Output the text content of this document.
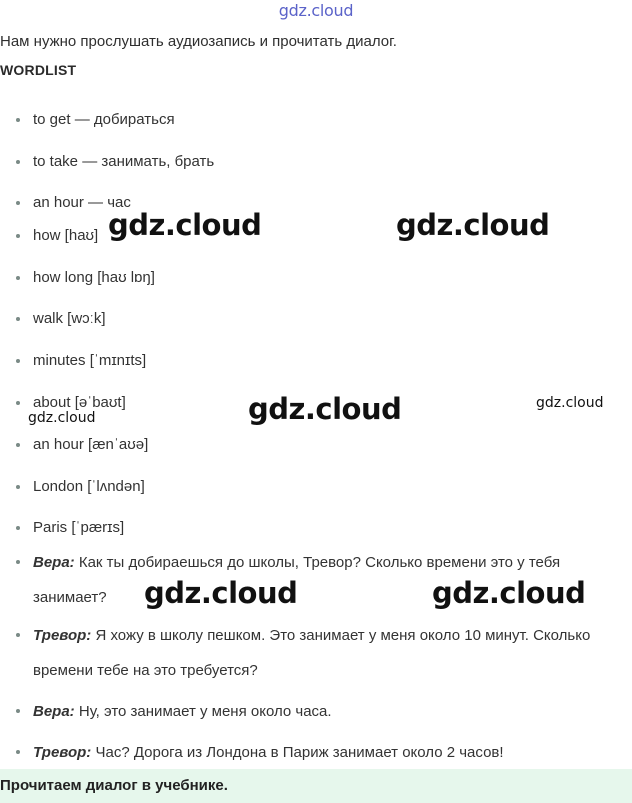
gdz.cloud
Нам нужно прослушать аудиозапись и прочитать диалог.
WORDLIST
to get — добираться
to take — занимать, брать
an hour — час
how [haʊ]
how long [haʊ lɒŋ]
walk [wɔːk]
minutes [ˈmɪnɪts]
about [əˈbaʊt]
an hour [ænˈaʊə]
London [ˈlʌndən]
Paris [ˈpærɪs]
Вера: Как ты добираешься до школы, Тревор? Сколько времени это у тебя занимает?
Тревор: Я хожу в школу пешком. Это занимает у меня около 10 минут. Сколько времени тебе на это требуется?
Вера: Ну, это занимает у меня около часа.
Тревор: Час? Дорога из Лондона в Париж занимает около 2 часов!
gdz.cloud	gdz.cloud
gdz.cloud
gdz.cloud
gdz.cloud
gdz.cloud	gdz.cloud
Прочитаем диалог в учебнике.
